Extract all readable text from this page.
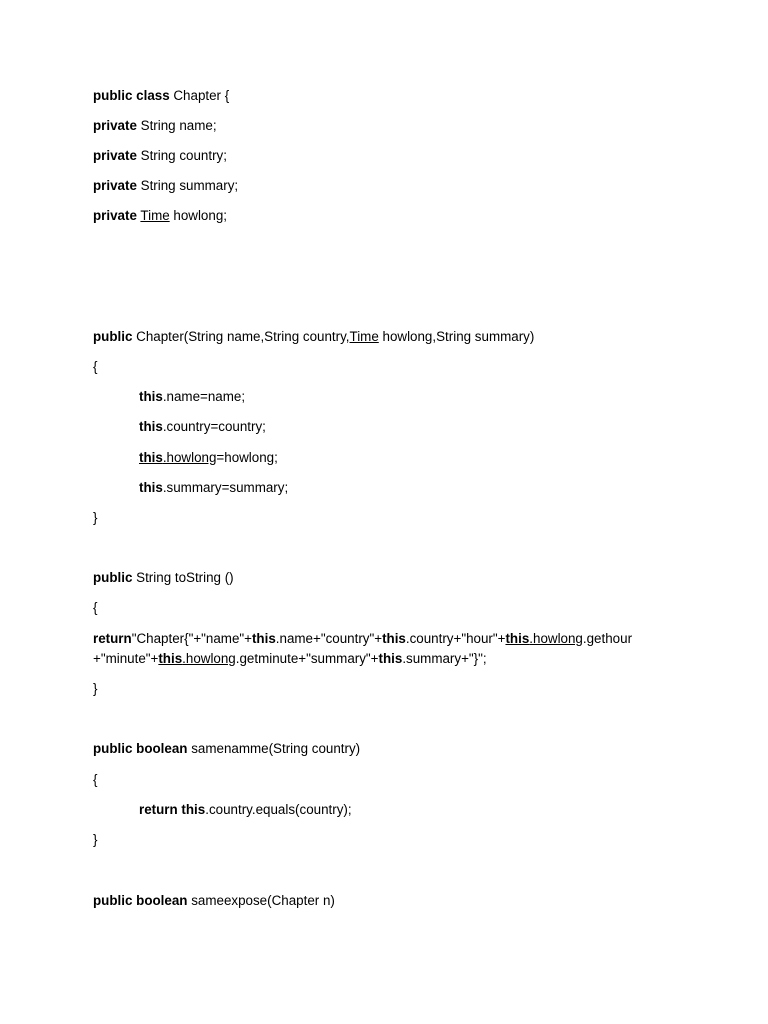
public class Chapter {
private String name;
private String country;
private String summary;
private Time howlong;
public Chapter(String name,String country,Time howlong,String summary)
{
this.name=name;
this.country=country;
this.howlong=howlong;
this.summary=summary;
}
public String toString ()
{
return"Chapter{"+"name"+this.name+"country"+this.country+"hour"+this.howlong.gethour
+"minute"+this.howlong.getminute+"summary"+this.summary+"}";
}
public boolean samenamme(String country)
{
return this.country.equals(country);
}
public boolean sameexpose(Chapter n)
